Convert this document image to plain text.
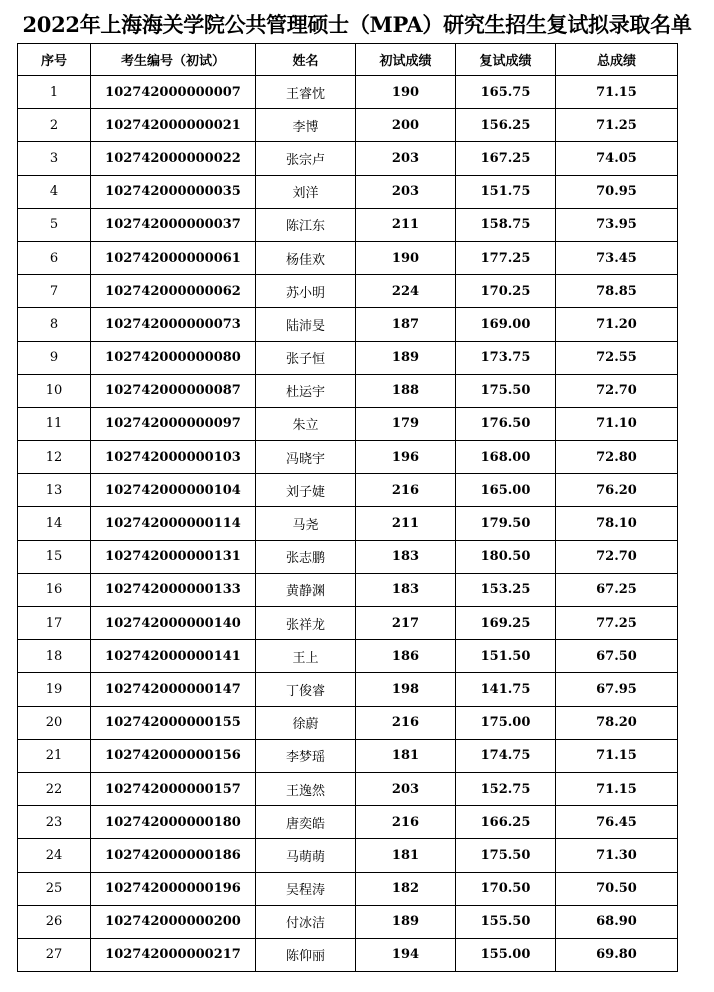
2022年上海海关学院公共管理硕士（MPA）研究生招生复试拟录取名单
序号	考生编号（初试）	姓名	初试成绩	复试成绩	总成绩
1	102742000000007	王睿忱	190	165.75	71.15
2	102742000000021	李博	200	156.25	71.25
3	102742000000022	张宗卢	203	167.25	74.05
4	102742000000035	刘洋	203	151.75	70.95
5	102742000000037	陈江东	211	158.75	73.95
6	102742000000061	杨佳欢	190	177.25	73.45
7	102742000000062	苏小明	224	170.25	78.85
8	102742000000073	陆沛旻	187	169.00	71.20
9	102742000000080	张子恒	189	173.75	72.55
10	102742000000087	杜运宇	188	175.50	72.70
11	102742000000097	朱立	179	176.50	71.10
12	102742000000103	冯晓宇	196	168.00	72.80
13	102742000000104	刘子婕	216	165.00	76.20
14	102742000000114	马尧	211	179.50	78.10
15	102742000000131	张志鹏	183	180.50	72.70
16	102742000000133	黄静渊	183	153.25	67.25
17	102742000000140	张祥龙	217	169.25	77.25
18	102742000000141	王上	186	151.50	67.50
19	102742000000147	丁俊睿	198	141.75	67.95
20	102742000000155	徐蔚	216	175.00	78.20
21	102742000000156	李梦瑶	181	174.75	71.15
22	102742000000157	王逸然	203	152.75	71.15
23	102742000000180	唐奕皓	216	166.25	76.45
24	102742000000186	马萌萌	181	175.50	71.30
25	102742000000196	吴程涛	182	170.50	70.50
26	102742000000200	付冰洁	189	155.50	68.90
27	102742000000217	陈仰丽	194	155.00	69.80
